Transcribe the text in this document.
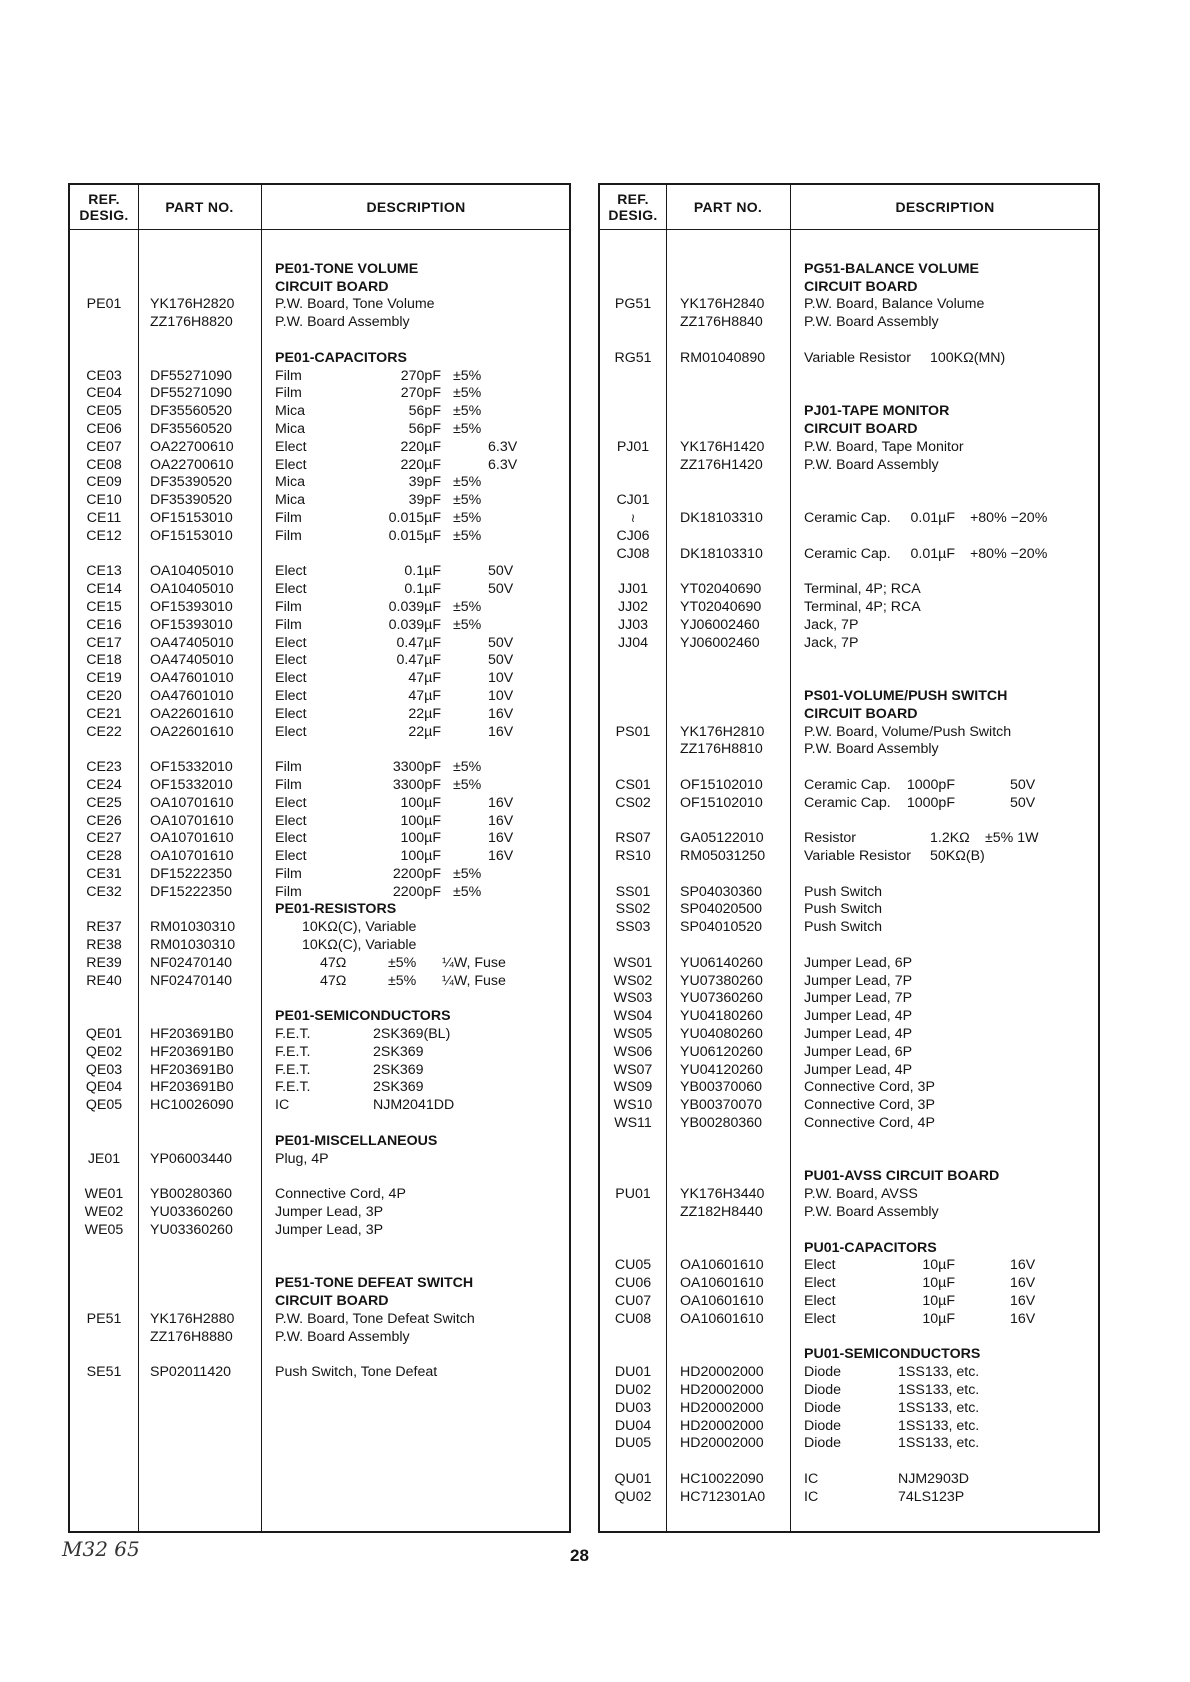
REF.
DESIG.	PART NO.	DESCRIPTION
PE01-TONE VOLUME
CIRCUIT BOARD
PE01	YK176H2820	P.W. Board, Tone Volume
ZZ176H8820	P.W. Board Assembly
PE01-CAPACITORS
CE03	DF55271090	Film	270pF ±5%
CE04	DF55271090	Film	270pF ±5%
CE05	DF35560520	Mica	56pF ±5%
CE06	DF35560520	Mica	56pF ±5%
CE07	OA22700610	Elect	220µF	6.3V
CE08	OA22700610	Elect	220µF	6.3V
CE09	DF35390520	Mica	39pF ±5%
CE10	DF35390520	Mica	39pF ±5%
CE11	OF15153010	Film	0.015µF ±5%
CE12	OF15153010	Film	0.015µF ±5%
CE13	OA10405010	Elect	0.1µF	50V
CE14	OA10405010	Elect	0.1µF	50V
CE15	OF15393010	Film	0.039µF ±5%
CE16	OF15393010	Film	0.039µF ±5%
CE17	OA47405010	Elect	0.47µF	50V
CE18	OA47405010	Elect	0.47µF	50V
CE19	OA47601010	Elect	47µF	10V
CE20	OA47601010	Elect	47µF	10V
CE21	OA22601610	Elect	22µF	16V
CE22	OA22601610	Elect	22µF	16V
CE23	OF15332010	Film	3300pF ±5%
CE24	OF15332010	Film	3300pF ±5%
CE25	OA10701610	Elect	100µF	16V
CE26	OA10701610	Elect	100µF	16V
CE27	OA10701610	Elect	100µF	16V
CE28	OA10701610	Elect	100µF	16V
CE31	DF15222350	Film	2200pF ±5%
CE32	DF15222350	Film	2200pF ±5%
PE01-RESISTORS
RE37	RM01030310	10KΩ(C), Variable
RE38	RM01030310	10KΩ(C), Variable
RE39	NF02470140	47Ω	±5% ¼W, Fuse
RE40	NF02470140	47Ω	±5% ¼W, Fuse
PE01-SEMICONDUCTORS
QE01	HF203691B0	F.E.T.	2SK369(BL)
QE02	HF203691B0	F.E.T.	2SK369
QE03	HF203691B0	F.E.T.	2SK369
QE04	HF203691B0	F.E.T.	2SK369
QE05	HC10026090	IC	NJM2041DD
PE01-MISCELLANEOUS
JE01	YP06003440	Plug, 4P
WE01	YB00280360	Connective Cord, 4P
WE02	YU03360260	Jumper Lead, 3P
WE05	YU03360260	Jumper Lead, 3P
PE51-TONE DEFEAT SWITCH
CIRCUIT BOARD
PE51	YK176H2880	P.W. Board, Tone Defeat Switch
ZZ176H8880	P.W. Board Assembly
SE51	SP02011420	Push Switch, Tone Defeat
REF.
DESIG.	PART NO.	DESCRIPTION
PG51-BALANCE VOLUME
CIRCUIT BOARD
PG51	YK176H2840	P.W. Board, Balance Volume
ZZ176H8840	P.W. Board Assembly
RG51	RM01040890	Variable Resistor 100KΩ(MN)
PJ01-TAPE MONITOR
CIRCUIT BOARD
PJ01	YK176H1420	P.W. Board, Tape Monitor
ZZ176H1420	P.W. Board Assembly
CJ01
≀	DK18103310	Ceramic Cap. 0.01µF +80% −20%
CJ06
CJ08	DK18103310	Ceramic Cap. 0.01µF +80% −20%
JJ01	YT02040690	Terminal, 4P; RCA
JJ02	YT02040690	Terminal, 4P; RCA
JJ03	YJ06002460	Jack, 7P
JJ04	YJ06002460	Jack, 7P
PS01-VOLUME/PUSH SWITCH
CIRCUIT BOARD
PS01	YK176H2810	P.W. Board, Volume/Push Switch
ZZ176H8810	P.W. Board Assembly
CS01	OF15102010	Ceramic Cap. 1000pF	50V
CS02	OF15102010	Ceramic Cap. 1000pF	50V
RS07	GA05122010	Resistor	1.2KΩ ±5% 1W
RS10	RM05031250	Variable Resistor 50KΩ(B)
SS01	SP04030360	Push Switch
SS02	SP04020500	Push Switch
SS03	SP04010520	Push Switch
WS01	YU06140260	Jumper Lead, 6P
WS02	YU07380260	Jumper Lead, 7P
WS03	YU07360260	Jumper Lead, 7P
WS04	YU04180260	Jumper Lead, 4P
WS05	YU04080260	Jumper Lead, 4P
WS06	YU06120260	Jumper Lead, 6P
WS07	YU04120260	Jumper Lead, 4P
WS09	YB00370060	Connective Cord, 3P
WS10	YB00370070	Connective Cord, 3P
WS11	YB00280360	Connective Cord, 4P
PU01-AVSS CIRCUIT BOARD
PU01	YK176H3440	P.W. Board, AVSS
ZZ182H8440	P.W. Board Assembly
PU01-CAPACITORS
CU05	OA10601610	Elect	10µF	16V
CU06	OA10601610	Elect	10µF	16V
CU07	OA10601610	Elect	10µF	16V
CU08	OA10601610	Elect	10µF	16V
PU01-SEMICONDUCTORS
DU01	HD20002000	Diode	1SS133, etc.
DU02	HD20002000	Diode	1SS133, etc.
DU03	HD20002000	Diode	1SS133, etc.
DU04	HD20002000	Diode	1SS133, etc.
DU05	HD20002000	Diode	1SS133, etc.
QU01	HC10022090	IC	NJM2903D
QU02	HC712301A0	IC	74LS123P
M32 65	28
